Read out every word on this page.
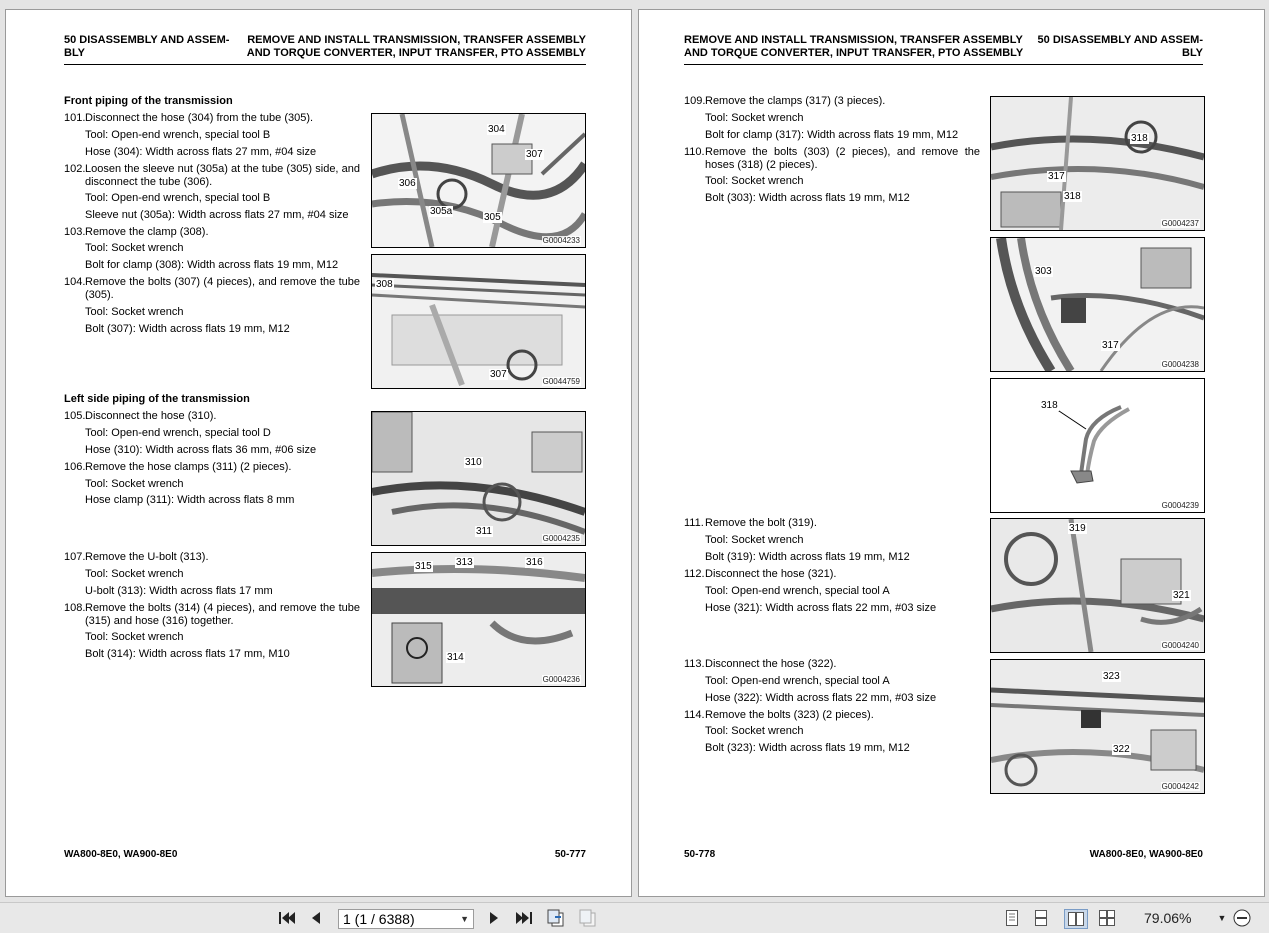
50 DISASSEMBLY AND ASSEM-
BLY
REMOVE AND INSTALL TRANSMISSION, TRANSFER ASSEMBLY
AND TORQUE CONVERTER, INPUT TRANSFER, PTO ASSEMBLY
Front piping of the transmission
101. Disconnect the hose (304) from the tube (305).
Tool: Open-end wrench, special tool B
Hose (304): Width across flats 27 mm, #04 size
102. Loosen the sleeve nut (305a) at the tube (305) side, and disconnect the tube (306).
Tool: Open-end wrench, special tool B
Sleeve nut (305a): Width across flats 27 mm, #04 size
103. Remove the clamp (308).
Tool: Socket wrench
Bolt for clamp (308): Width across flats 19 mm, M12
104. Remove the bolts (307) (4 pieces), and remove the tube (305).
Tool: Socket wrench
Bolt (307): Width across flats 19 mm, M12
Left side piping of the transmission
105. Disconnect the hose (310).
Tool: Open-end wrench, special tool D
Hose (310): Width across flats 36 mm, #06 size
106. Remove the hose clamps (311) (2 pieces).
Tool: Socket wrench
Hose clamp (311): Width across flats 8 mm
107. Remove the U-bolt (313).
Tool: Socket wrench
U-bolt (313): Width across flats 17 mm
108. Remove the bolts (314) (4 pieces), and remove the tube (315) and hose (316) together.
Tool: Socket wrench
Bolt (314): Width across flats 17 mm, M10
304
307
306
305a
305
G0004233
308
307
G0044759
310
311
G0004235
315 313	316
314
G0004236
WA800-8E0, WA900-8E0	50-777
REMOVE AND INSTALL TRANSMISSION, TRANSFER ASSEMBLY
AND TORQUE CONVERTER, INPUT TRANSFER, PTO ASSEMBLY
50 DISASSEMBLY AND ASSEM-
BLY
109. Remove the clamps (317) (3 pieces).
Tool: Socket wrench
Bolt for clamp (317): Width across flats 19 mm, M12
110. Remove the bolts (303) (2 pieces), and remove the hoses (318) (2 pieces).
Tool: Socket wrench
Bolt (303): Width across flats 19 mm, M12
111. Remove the bolt (319).
Tool: Socket wrench
Bolt (319): Width across flats 19 mm, M12
112. Disconnect the hose (321).
Tool: Open-end wrench, special tool A
Hose (321): Width across flats 22 mm, #03 size
113. Disconnect the hose (322).
Tool: Open-end wrench, special tool A
Hose (322): Width across flats 22 mm, #03 size
114. Remove the bolts (323) (2 pieces).
Tool: Socket wrench
Bolt (323): Width across flats 19 mm, M12
318
317
318
G0004237
303
317
G0004238
318
G0004239
319
321
G0004240
323
322
G0004242
50-778	WA800-8E0, WA900-8E0
1 (1 / 6388)	▼	79.06%	▼
